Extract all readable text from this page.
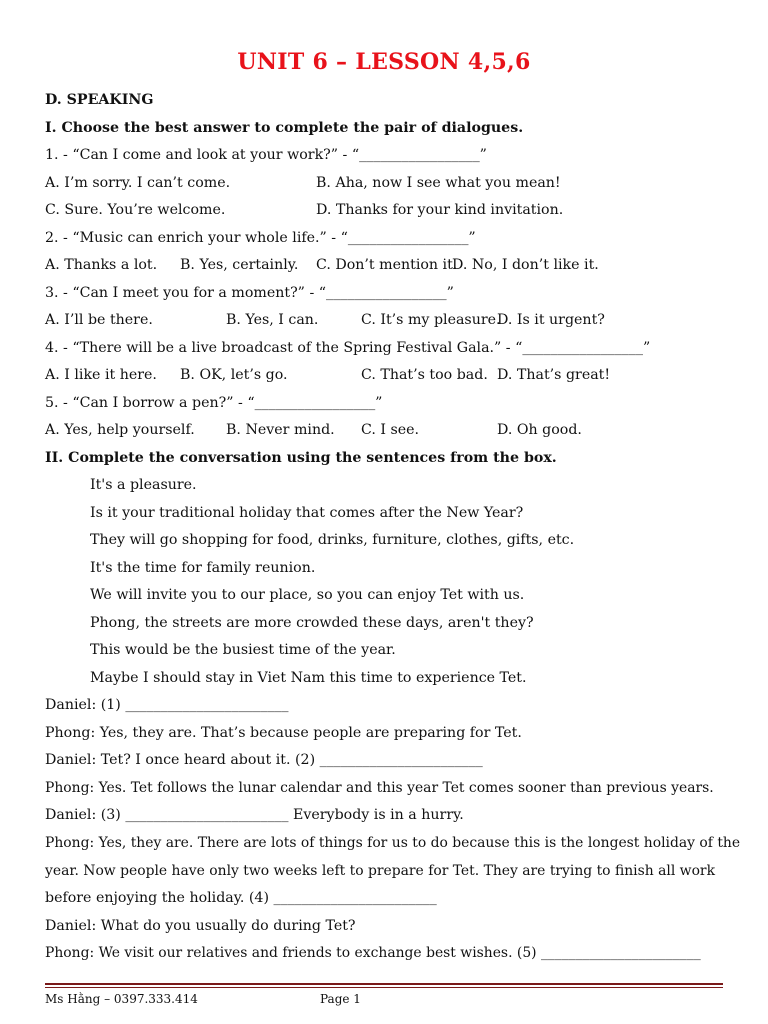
UNIT 6 – LESSON 4,5,6
D. SPEAKING
I. Choose the best answer to complete the pair of dialogues.
1. - “Can I come and look at your work?” - “_________________”
A. I’m sorry. I can’t come.	B. Aha, now I see what you mean!
C. Sure. You’re welcome.	D. Thanks for your kind invitation.
2. - “Music can enrich your whole life.” - “_________________”
A. Thanks a lot. B. Yes, certainly. C. Don’t mention it.
D. No, I don’t like it.
3. - “Can I meet you for a moment?” - “_________________”
A. I’ll be there.	B. Yes, I can.	C. It’s my pleasure.
D. Is it urgent?
4. - “There will be a live broadcast of the Spring Festival Gala.” - “_________________”
A. I like it here. B. OK, let’s go.	C. That’s too bad. D. That’s great!
5. - “Can I borrow a pen?” - “_________________”
A. Yes, help yourself. B. Never mind. C. I see.	D. Oh good.
II. Complete the conversation using the sentences from the box.
It's a pleasure.
Is it your traditional holiday that comes after the New Year?
They will go shopping for food, drinks, furniture, clothes, gifts, etc.
It's the time for family reunion.
We will invite you to our place, so you can enjoy Tet with us.
Phong, the streets are more crowded these days, aren't they?
This would be the busiest time of the year.
Maybe I should stay in Viet Nam this time to experience Tet.
Daniel: (1) _______________________
Phong: Yes, they are. That’s because people are preparing for Tet.
Daniel: Tet? I once heard about it. (2) _______________________
Phong: Yes. Tet follows the lunar calendar and this year Tet comes sooner than previous years.
Daniel: (3) _______________________ Everybody is in a hurry.
Phong: Yes, they are. There are lots of things for us to do because this is the longest holiday of the
year. Now people have only two weeks left to prepare for Tet. They are trying to finish all work
before enjoying the holiday. (4) _______________________
Daniel: What do you usually do during Tet?
Phong: We visit our relatives and friends to exchange best wishes. (5) _______________________
Ms Hằng – 0397.333.414	Page 1
